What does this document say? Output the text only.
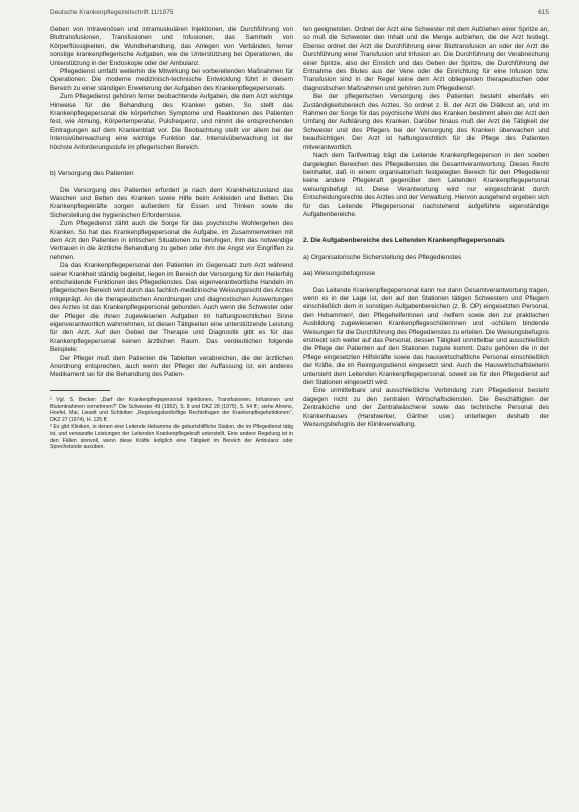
Deutsche Krankenpflegezeitschrift 11/1975	615

Geben von Intravenösen und intramuskulären Injektionen, die Durchführung von Bluttransfusionen, Transfusionen und Infusionen, das Sammeln von Körperflüssigkeiten, die Wundbehandlung, das Anlegen von Verbänden, ferner sonstige krankenpflegerische Aufgaben, wie die Unterstützung bei Operationen, die Unterstützung in der Endoskopie oder der Ambulanz.

Pflegedienst umfaßt weiterhin die Mitwirkung bei vorbereitenden Maßnahmen für Operationen. Die moderne medizinisch-technische Entwicklung führt in diesem Bereich zu einer ständigen Erweiterung der Aufgaben des Krankenpflegepersonals.

Zum Pflegedienst gehören ferner beobachtende Aufgaben, die dem Arzt wichtige Hinweise für die Behandlung des Kranken geben. So stellt das Krankenpflegepersonal die körperlichen Symptome und Reaktionen des Patienten fest, wie Atmung, Körpertemperatur, Pulsfrequenz, und nimmt die entsprechenden Eintragungen auf dem Krankenblatt vor. Die Beobachtung stellt vor allem bei der Intensivüberwachung eine wichtige Funktion dar. Intensivüberwachung ist der höchste Anforderungsstufe im pflegerischen Bereich.

b) Versorgung des Patienten

Die Versorgung des Patienten erfordert je nach dem Krankheitszustand das Waschen und Betten des Kranken sowie Hilfe beim Ankleiden und Betten. Die Krankenpflegekräfte sorgen außerdem für Essen und Trinken sowie die Sicherstellung der hygienischen Erfordernisse.

Zum Pflegedienst zählt auch die Sorge für das psychische Wohlergehen des Kranken. So hat das Krankenpflegepersonal die Aufgabe, im Zusammenwirken mit dem Arzt den Patienten in kritischen Situationen zu beruhigen, ihm das notwendige Vertrauen in die ärztliche Behandlung zu geben oder ihm die Angst vor Eingriffen zu nehmen.

Da das Krankenpflegepersonal den Patienten im Gegensatz zum Arzt während seiner Krankheit ständig begleitet, liegen im Bereich der Versorgung für den Heilerfolg entscheidende Funktionen des Pflegedienstes. Das eigenverantwortliche Handeln im pflegerischen Bereich wird durch das fachlich-medizinische Weisungsrecht des Arztes mitgeprägt. An die therapeutischen Anordnungen und diagnostischen Auswertungen des Arztes ist das Krankenpflegepersonal gebunden. Auch wenn die Schwester oder der Pfleger die ihnen zugewiesenen Aufgaben im haftungsrechtlichen Sinne eigenverantwortlich wahrnehmen, ist diesen Tätigkeiten eine unterstützende Leistung für den Arzt. Auf den Gebiet der Therapie und Diagnostik gibt es für das Krankenpflegepersonal keinen ärztlichen Raum. Das verdeutlichen folgende Beispiele:

Der Pfleger muß dem Patienten die Tabletten verabreichen, die der ärztlichen Anordnung entsprechen, auch wenn der Pfleger der Auffassung ist, ein anderes Medikament sei für die Behandlung des Patien-

¹ Vgl. S. Becker: „Darf der Krankenpflegepersonal Injektionen, Transfusionen, Infusionen und Blutentnahmen vornehmen?“ Die Schwester 49 (1952), S. 8 und DKZ 28 (1975), S. 64 ff.; siehe Ahrens, Hoefel, Mai, Lieselt und Schleiber: „Regelungsbedürftige Rechtsfragen der Krankenpflegefunktionen“, DKZ 27 (1974), H. 125 ff.

² Es gibt Kliniken, in denen eine Leitende Hebamme die geburtshilfliche Station, die im Pflegedienst tätig ist, und verwandte Leistungen der Leitenden Krankenpflegekraft unterstellt. Eine andere Regelung ist in den Fällen sinnvoll, wenn diese Kräfte lediglich eine Tätigkeit im Bereich der Ambulanz oder Sprechstunde ausüben.

ten geeignetsten. Ordnet der Arzt eine Schwester mit dem Aufziehen einer Spritze an, so muß die Schwester den Inhalt und die Menge aufziehen, die der Arzt festlegt. Ebenso ordnet der Arzt die Durchführung einer Bluttransfusion an oder der Arzt die Durchführung einer Transfusion und Infusion an. Die Durchführung der Verabreichung einer Spritze, also der Einstich und das Geben der Spritze, die Durchführung der Entnahme des Blutes aus der Vene oder die Einrichtung für eine Infusion bzw. Transfusion sind in der Regel keine dem Arzt obliegenden therapeutischen oder diagnostischen Maßnahmen und gehören zum Pflegedienst¹.

Bei der pflegerischen Versorgung des Patienten besteht ebenfalls ein Zuständigkeitsbereich des Arztes. So ordnet z. B. der Arzt die Diätkost an, und im Rahmen der Sorge für das psychische Wohl des Kranken bestimmt allein der Arzt den Umfang der Aufklärung des Kranken. Darüber hinaus muß der Arzt die Tätigkeit der Schwester und des Pflegers bei der Versorgung des Kranken überwachen und beaufsichtigen. Der Arzt ist haftungsrechtlich für die Pflege des Patienten mitverantwortlich.

Nach dem Tarifvertrag trägt die Leitende Krankenpflegeperson in den soeben dargelegten Bereichen des Pflegedienstes die Gesamtverantwortung. Dieses Recht beinhaltet, daß in einem organisatorisch festgelegten Bereich für den Pflegedienst keine andere Pflegekraft gegenüber dem Leitenden Krankenpflegepersonal weisungsbefugt ist. Diese Verantwortung wird nur eingeschränkt durch Entscheidungsrechte des Arztes und der Verwaltung. Hiervon ausgehend ergeben sich für das Leitende Pflegepersonal nachstehend aufgeführte eigenständige Aufgabenbereiche.

2. Die Aufgabenbereiche des Leitenden Krankenpflegepersonals
a) Organisatorische Sicherstellung des Pflegedienstes
aa) Weisungsbefugnisse

Das Leitende Krankenpflegepersonal kann nur dann Gesamtverantwortung tragen, wenn es in der Lage ist, den auf den Stationen tätigen Schwestern und Pflegern einschließlich dem in sonstigen Aufgabenbereichen (z. B. OP) eingesetzten Personal, den Hebammen², den Pflegehelferinnen und -helfern sowie den zur praktischen Ausbildung zugewiesenen Krankenpflegeschülerinnen und -schülern bindende Weisungen für die Durchführung des Pflegedienstes zu erteilen. Die Weisungsbefugnis erstreckt sich weiter auf das Personal, dessen Tätigkeit unmittelbar und ausschließlich die Pflege der Patienten auf den Stationen zugute kommt. Dazu gehören die in der Pflege eingesetzten Hilfskräfte sowie das hauswirtschaftliche Personal einschließlich der Kräfte, die im Reinigungsdienst eingesetzt sind. Auch die Hauswirtschaftsleiterin untersteht dem Leitenden Krankenpflegepersonal, soweit sie für den Pflegedienst auf den Stationen eingesetzt wird.

Eine unmittelbare und ausschließliche Verbindung zum Pflegedienst besteht dagegen nicht zu den zentralen Wirtschaftsdiensten. Die Beschäftigten der Zentralküche und der Zentralwäscherei sowie das technische Personal des Krankenhauses (Handwerker, Gärtner usw.) unterliegen deshalb der Weisungsbefugnis der Klinikverwaltung.
